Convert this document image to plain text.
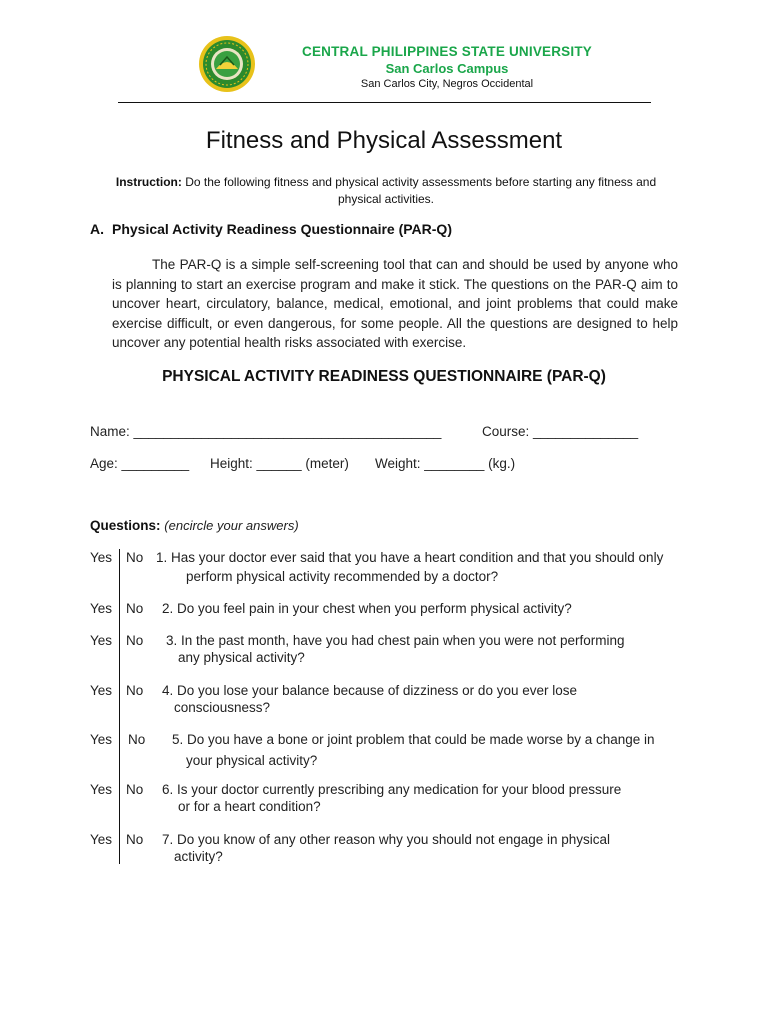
CENTRAL PHILIPPINES STATE UNIVERSITY
San Carlos Campus
San Carlos City, Negros Occidental
Fitness and Physical Assessment
Instruction: Do the following fitness and physical activity assessments before starting any fitness and physical activities.
A. Physical Activity Readiness Questionnaire (PAR-Q)
The PAR-Q is a simple self-screening tool that can and should be used by anyone who is planning to start an exercise program and make it stick. The questions on the PAR-Q aim to uncover heart, circulatory, balance, medical, emotional, and joint problems that could make exercise difficult, or even dangerous, for some people. All the questions are designed to help uncover any potential health risks associated with exercise.
PHYSICAL ACTIVITY READINESS QUESTIONNAIRE (PAR-Q)
Name: _________________________________________	Course: ______________
Age: _________ Height: ______ (meter) Weight: ________ (kg.)
Questions: (encircle your answers)
Yes No 1. Has your doctor ever said that you have a heart condition and that you should only
perform physical activity recommended by a doctor?
Yes No 2. Do you feel pain in your chest when you perform physical activity?
Yes No 3. In the past month, have you had chest pain when you were not performing
any physical activity?
Yes No 4. Do you lose your balance because of dizziness or do you ever lose
consciousness?
Yes No 5. Do you have a bone or joint problem that could be made worse by a change in
your physical activity?
Yes No 6. Is your doctor currently prescribing any medication for your blood pressure
or for a heart condition?
Yes No 7. Do you know of any other reason why you should not engage in physical
activity?
